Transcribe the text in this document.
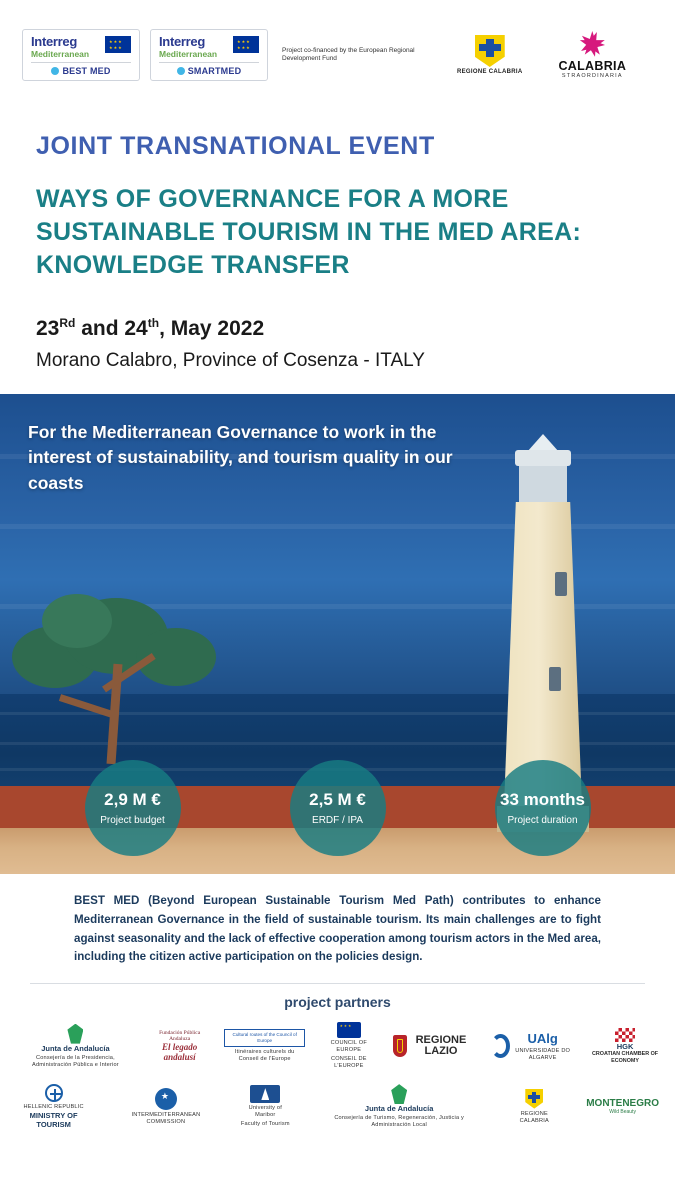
Interreg
Mediterranean
★★★ ★★★
BEST MED
Interreg
Mediterranean
★★★ ★★★
SMARTMED
Project co-financed by the European Regional Development Fund
REGIONE CALABRIA	CALABRIA
STRAORDINARIA
JOINT TRANSNATIONAL EVENT
WAYS OF GOVERNANCE FOR A MORE SUSTAINABLE TOURISM IN THE MED AREA: KNOWLEDGE TRANSFER
23Rd and 24th, May 2022
Morano Calabro, Province of Cosenza - ITALY
For the Mediterranean Governance to work in the interest of sustainability, and tourism quality in our coasts
2,9 M €
Project budget
2,5 M €
ERDF / IPA
33 months
Project duration
BEST MED (Beyond European Sustainable Tourism Med Path) contributes to enhance Mediterranean Governance in the field of sustainable tourism. Its main challenges are to fight against seasonality and the lack of effective cooperation among tourism actors in the Med area, including the citizen active participation on the policies design.
project partners
Junta de Andalucía
Consejería de la Presidencia, Administración Pública e Interior
Fundación Pública Andaluza
El legado andalusí
Cultural routes of the Council of Europe
Itinéraires culturels du Conseil de l'Europe
★★★
COUNCIL OF EUROPE
CONSEIL DE L'EUROPE
REGIONE LAZIO
UAlg
UNIVERSIDADE DO ALGARVE
HGK
CROATIAN CHAMBER OF ECONOMY
HELLENIC REPUBLIC
MINISTRY OF TOURISM
★
INTERMEDITERRANEAN COMMISSION
University of Maribor
Faculty of Tourism
Junta de Andalucía
Consejería de Turismo, Regeneración, Justicia y Administración Local
REGIONE CALABRIA
MONTENEGRO
Wild Beauty
